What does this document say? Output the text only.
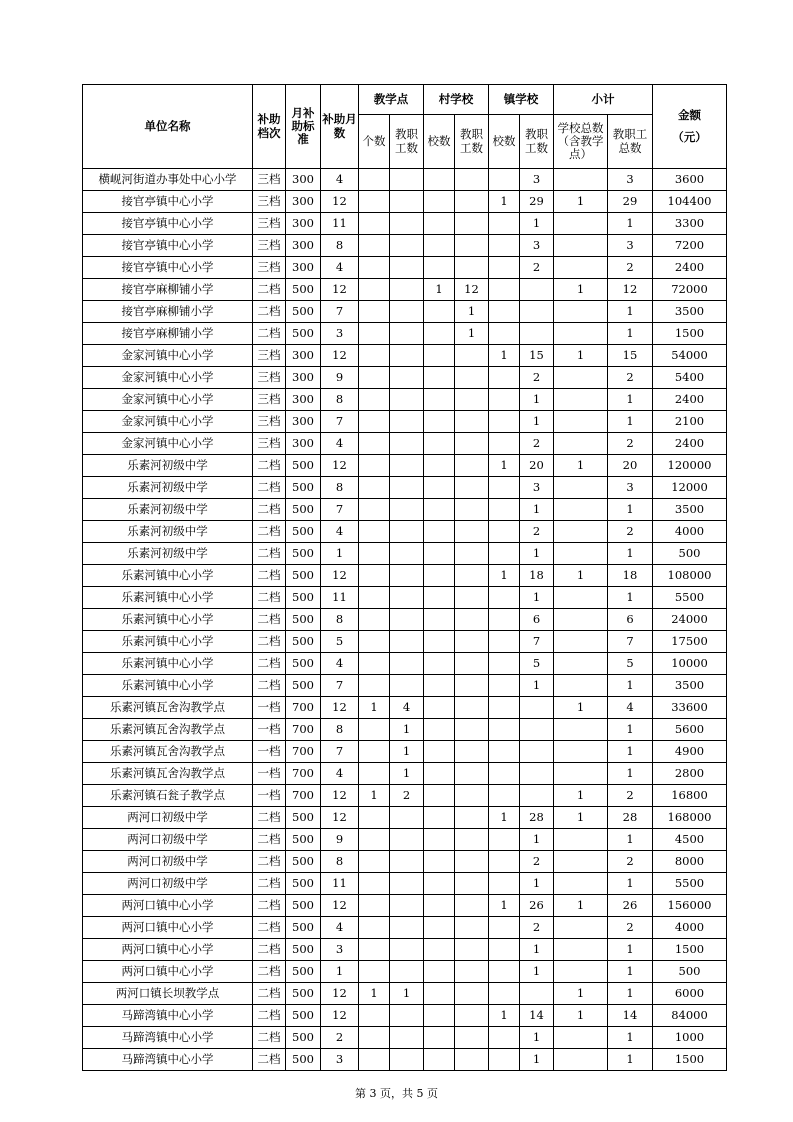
单位名称	补助档次	月补助标准	补助月数	教学点		村学校		镇学校		小计		金额
（元）

				个数	教职工数	校数	教职工数	校数	教职工数	学校总数（含教学点）	教职工总数	
横岘河街道办事处中心小学	三档	300	4						3		3	3600
接官亭镇中心小学	三档	300	12					1	29	1	29	104400
接官亭镇中心小学	三档	300	11						1		1	3300
接官亭镇中心小学	三档	300	8						3		3	7200
接官亭镇中心小学	三档	300	4						2		2	2400
接官亭麻柳铺小学	二档	500	12			1	12			1	12	72000
接官亭麻柳铺小学	二档	500	7				1				1	3500
接官亭麻柳铺小学	二档	500	3				1				1	1500
金家河镇中心小学	三档	300	12					1	15	1	15	54000
金家河镇中心小学	三档	300	9						2		2	5400
金家河镇中心小学	三档	300	8						1		1	2400
金家河镇中心小学	三档	300	7						1		1	2100
金家河镇中心小学	三档	300	4						2		2	2400
乐素河初级中学	二档	500	12					1	20	1	20	120000
乐素河初级中学	二档	500	8						3		3	12000
乐素河初级中学	二档	500	7						1		1	3500
乐素河初级中学	二档	500	4						2		2	4000
乐素河初级中学	二档	500	1						1		1	500
乐素河镇中心小学	二档	500	12					1	18	1	18	108000
乐素河镇中心小学	二档	500	11						1		1	5500
乐素河镇中心小学	二档	500	8						6		6	24000
乐素河镇中心小学	二档	500	5						7		7	17500
乐素河镇中心小学	二档	500	4						5		5	10000
乐素河镇中心小学	二档	500	7						1		1	3500
乐素河镇瓦舍沟教学点	一档	700	12	1	4					1	4	33600
乐素河镇瓦舍沟教学点	一档	700	8		1						1	5600
乐素河镇瓦舍沟教学点	一档	700	7		1						1	4900
乐素河镇瓦舍沟教学点	一档	700	4		1						1	2800
乐素河镇石瓮子教学点	一档	700	12	1	2					1	2	16800
两河口初级中学	二档	500	12					1	28	1	28	168000
两河口初级中学	二档	500	9						1		1	4500
两河口初级中学	二档	500	8						2		2	8000
两河口初级中学	二档	500	11						1		1	5500
两河口镇中心小学	二档	500	12					1	26	1	26	156000
两河口镇中心小学	二档	500	4						2		2	4000
两河口镇中心小学	二档	500	3						1		1	1500
两河口镇中心小学	二档	500	1						1		1	500
两河口镇长坝教学点	二档	500	12	1	1					1	1	6000
马蹄湾镇中心小学	二档	500	12					1	14	1	14	84000
马蹄湾镇中心小学	二档	500	2						1		1	1000
马蹄湾镇中心小学	二档	500	3						1		1	1500
第 3 页，共 5 页
